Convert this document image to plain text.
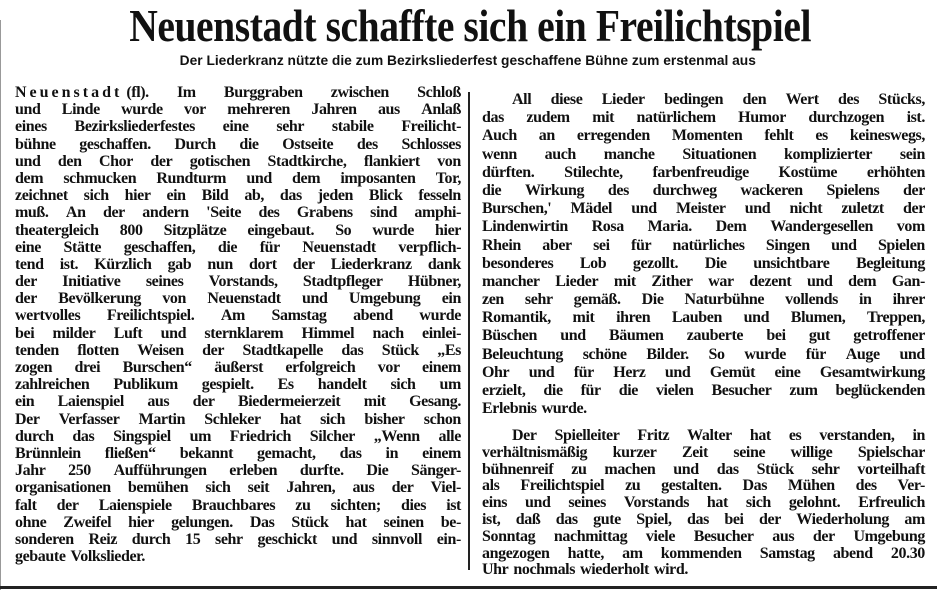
Neuenstadt schaffte sich ein Freilichtspiel
Der Liederkranz nützte die zum Bezirksliederfest geschaffene Bühne zum erstenmal aus
Neuenstadt (fl). Im Burggraben zwischen Schloß
und Linde wurde vor mehreren Jahren aus Anlaß
eines Bezirksliederfestes eine sehr stabile Freilicht-
bühne geschaffen. Durch die Ostseite des Schlosses
und den Chor der gotischen Stadtkirche, flankiert von
dem schmucken Rundturm und dem imposanten Tor,
zeichnet sich hier ein Bild ab, das jeden Blick fesseln
muß. An der andern 'Seite des Grabens sind amphi-
theatergleich 800 Sitzplätze eingebaut. So wurde hier
eine Stätte geschaffen, die für Neuenstadt verpflich-
tend ist. Kürzlich gab nun dort der Liederkranz dank
der Initiative seines Vorstands, Stadtpfleger Hübner,
der Bevölkerung von Neuenstadt und Umgebung ein
wertvolles Freilichtspiel. Am Samstag abend wurde
bei milder Luft und sternklarem Himmel nach einlei-
tenden flotten Weisen der Stadtkapelle das Stück „Es
zogen drei Burschen“ äußerst erfolgreich vor einem
zahlreichen Publikum gespielt. Es handelt sich um
ein Laienspiel aus der Biedermeierzeit mit Gesang.
Der Verfasser Martin Schleker hat sich bisher schon
durch das Singspiel um Friedrich Silcher „Wenn alle
Brünnlein fließen“ bekannt gemacht, das in einem
Jahr 250 Aufführungen erleben durfte. Die Sänger-
organisationen bemühen sich seit Jahren, aus der Viel-
falt der Laienspiele Brauchbares zu sichten; dies ist
ohne Zweifel hier gelungen. Das Stück hat seinen be-
sonderen Reiz durch 15 sehr geschickt und sinnvoll ein-
gebaute Volkslieder.
All diese Lieder bedingen den Wert des Stücks,
das zudem mit natürlichem Humor durchzogen ist.
Auch an erregenden Momenten fehlt es keineswegs,
wenn auch manche Situationen komplizierter sein
dürften. Stilechte, farbenfreudige Kostüme erhöhten
die Wirkung des durchweg wackeren Spielens der
Burschen,' Mädel und Meister und nicht zuletzt der
Lindenwirtin Rosa Maria. Dem Wandergesellen vom
Rhein aber sei für natürliches Singen und Spielen
besonderes Lob gezollt. Die unsichtbare Begleitung
mancher Lieder mit Zither war dezent und dem Gan-
zen sehr gemäß. Die Naturbühne vollends in ihrer
Romantik, mit ihren Lauben und Blumen, Treppen,
Büschen und Bäumen zauberte bei gut getroffener
Beleuchtung schöne Bilder. So wurde für Auge und
Ohr und für Herz und Gemüt eine Gesamtwirkung
erzielt, die für die vielen Besucher zum beglückenden
Erlebnis wurde.
Der Spielleiter Fritz Walter hat es verstanden, in
verhältnismäßig kurzer Zeit seine willige Spielschar
bühnenreif zu machen und das Stück sehr vorteilhaft
als Freilichtspiel zu gestalten. Das Mühen des Ver-
eins und seines Vorstands hat sich gelohnt. Erfreulich
ist, daß das gute Spiel, das bei der Wiederholung am
Sonntag nachmittag viele Besucher aus der Umgebung
angezogen hatte, am kommenden Samstag abend 20.30
Uhr nochmals wiederholt wird.
